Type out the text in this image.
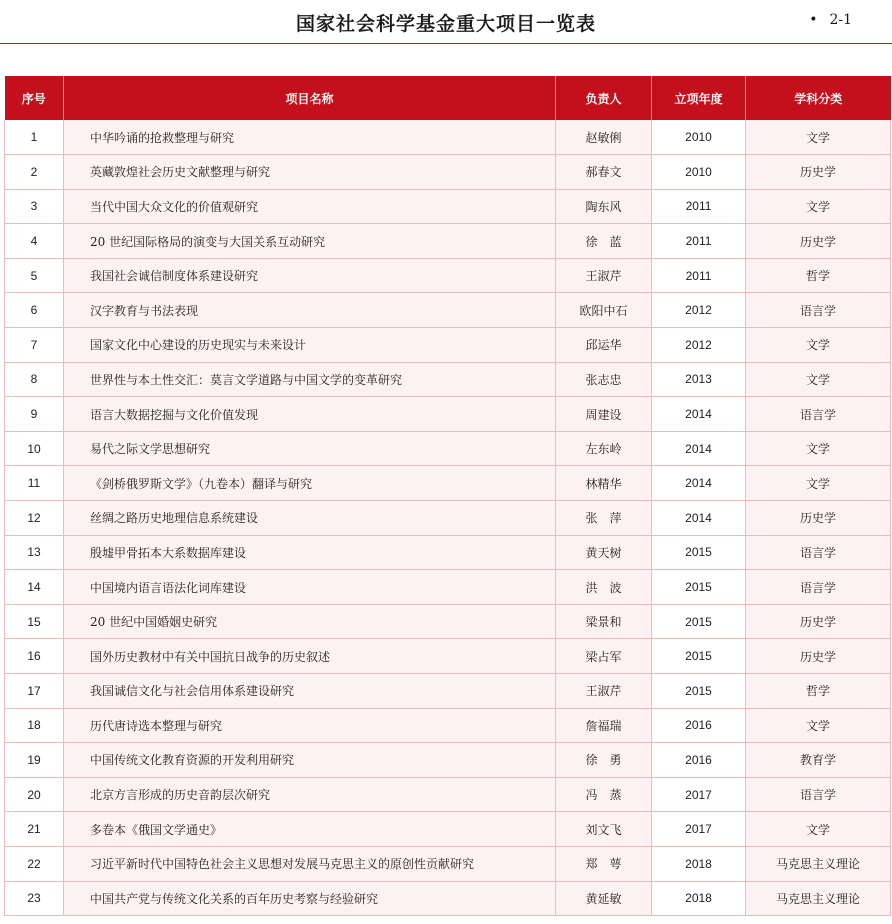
国家社会科学基金重大项目一览表	• 2-1
序号	项目名称	负责人	立项年度	学科分类
1	中华吟诵的抢救整理与研究	赵敏俐	2010	文学
2	英藏敦煌社会历史文献整理与研究	郝春文	2010	历史学
3	当代中国大众文化的价值观研究	陶东风	2011	文学
4	20 世纪国际格局的演变与大国关系互动研究	徐　蓝	2011	历史学
5	我国社会诚信制度体系建设研究	王淑芹	2011	哲学
6	汉字教育与书法表现	欧阳中石	2012	语言学
7	国家文化中心建设的历史现实与未来设计	邱运华	2012	文学
8	世界性与本土性交汇：莫言文学道路与中国文学的变革研究	张志忠	2013	文学
9	语言大数据挖掘与文化价值发现	周建设	2014	语言学
10	易代之际文学思想研究	左东岭	2014	文学
11	《剑桥俄罗斯文学》（九卷本）翻译与研究	林精华	2014	文学
12	丝绸之路历史地理信息系统建设	张　萍	2014	历史学
13	殷墟甲骨拓本大系数据库建设	黄天树	2015	语言学
14	中国境内语言语法化词库建设	洪　波	2015	语言学
15	20 世纪中国婚姻史研究	梁景和	2015	历史学
16	国外历史教材中有关中国抗日战争的历史叙述	梁占军	2015	历史学
17	我国诚信文化与社会信用体系建设研究	王淑芹	2015	哲学
18	历代唐诗选本整理与研究	詹福瑞	2016	文学
19	中国传统文化教育资源的开发利用研究	徐　勇	2016	教育学
20	北京方言形成的历史音韵层次研究	冯　蒸	2017	语言学
21	多卷本《俄国文学通史》	刘文飞	2017	文学
22	习近平新时代中国特色社会主义思想对发展马克思主义的原创性贡献研究	郑　萼	2018	马克思主义理论
23	中国共产党与传统文化关系的百年历史考察与经验研究	黄延敏	2018	马克思主义理论
